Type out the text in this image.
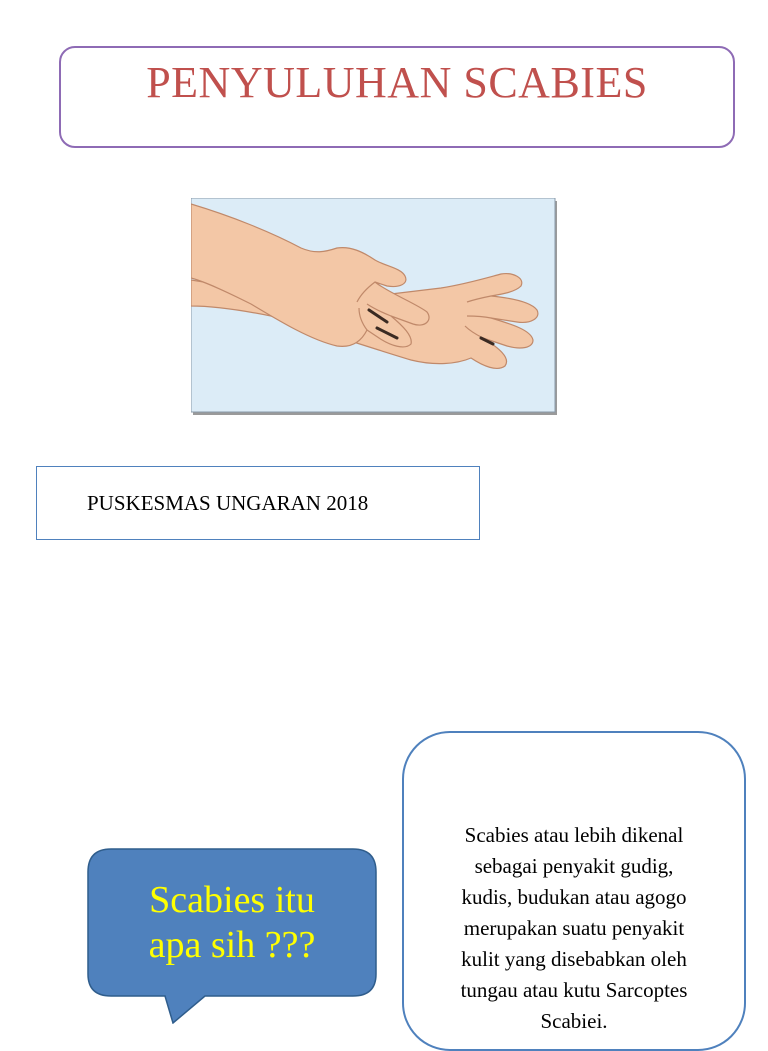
PENYULUHAN SCABIES
PUSKESMAS UNGARAN 2018
Scabies itu
apa sih ???
Scabies atau lebih dikenal
sebagai penyakit gudig,
kudis, budukan atau agogo
merupakan suatu penyakit
kulit yang disebabkan oleh
tungau atau kutu Sarcoptes
Scabiei.
